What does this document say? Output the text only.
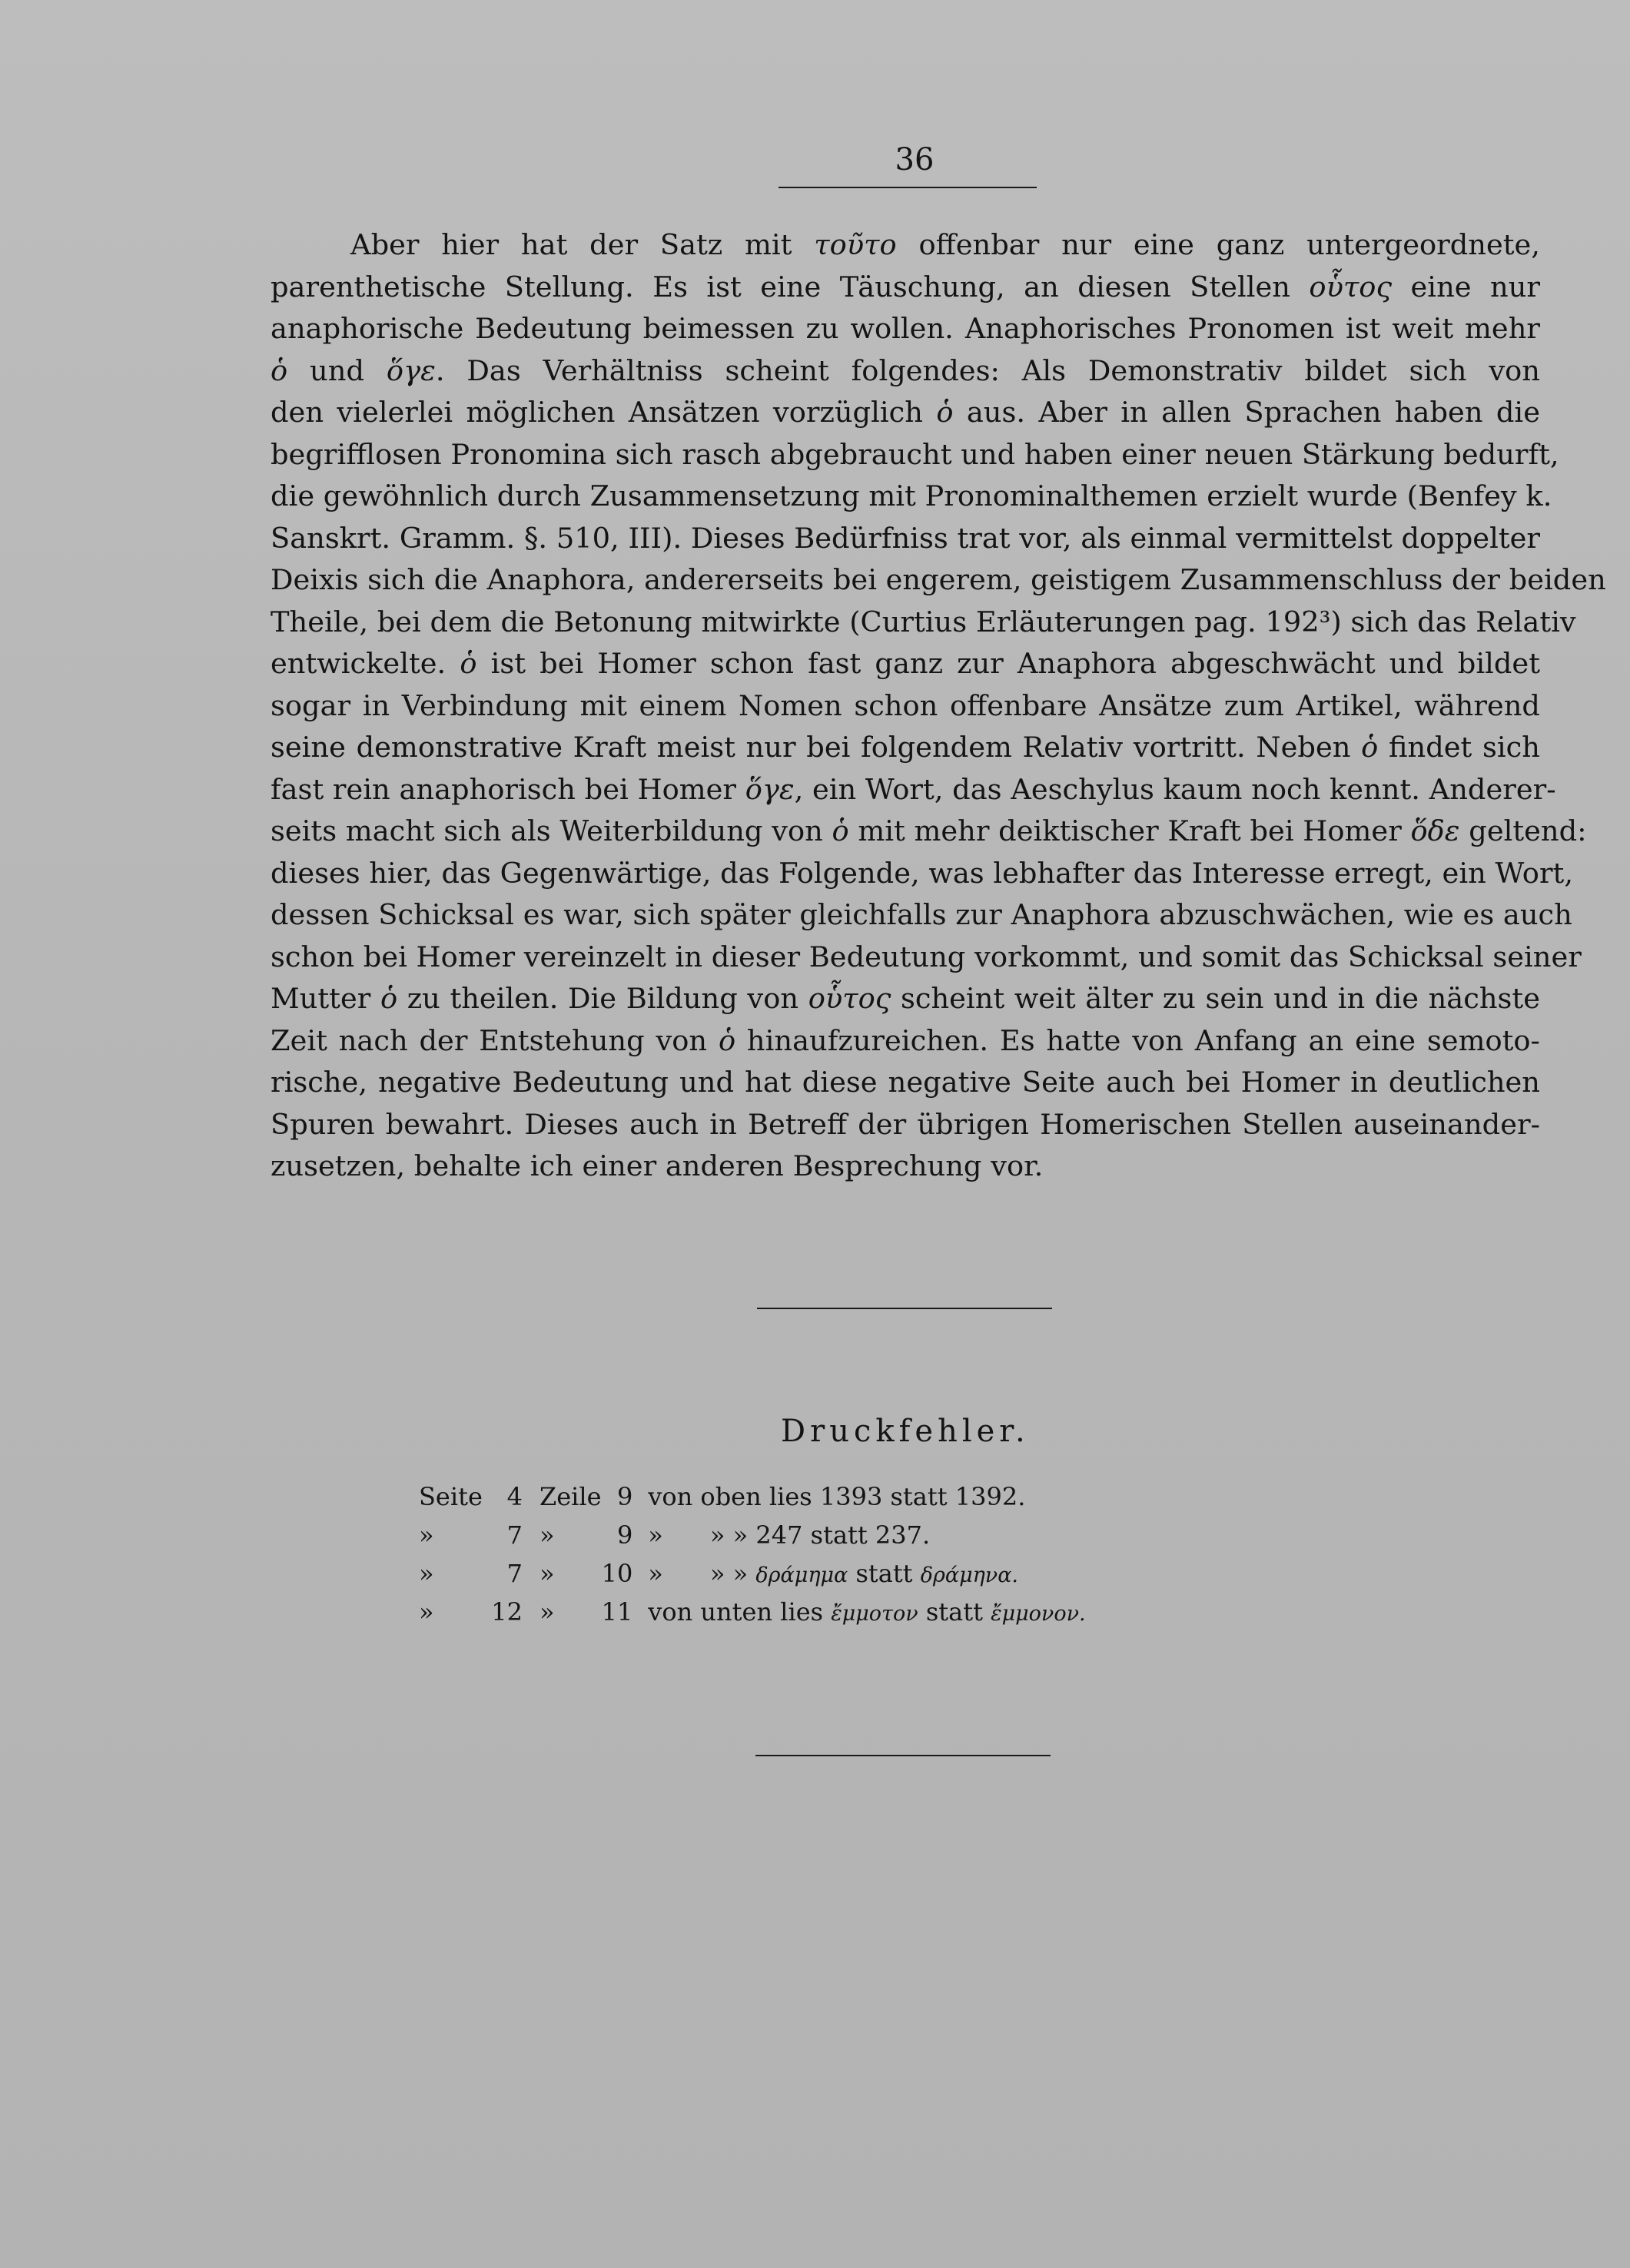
36
Aber hier hat der Satz mit τοῦτο offenbar nur eine ganz untergeordnete,
parenthetische Stellung. Es ist eine Täuschung, an diesen Stellen οὗτος eine nur
anaphorische Bedeutung beimessen zu wollen. Anaphorisches Pronomen ist weit mehr
ὁ und ὅγε. Das Verhältniss scheint folgendes: Als Demonstrativ bildet sich von
den vielerlei möglichen Ansätzen vorzüglich ὁ aus. Aber in allen Sprachen haben die
begrifflosen Pronomina sich rasch abgebraucht und haben einer neuen Stärkung bedurft,
die gewöhnlich durch Zusammensetzung mit Pronominalthemen erzielt wurde (Benfey k.
Sanskrt. Gramm. §. 510, III). Dieses Bedürfniss trat vor, als einmal vermittelst doppelter
Deixis sich die Anaphora, andererseits bei engerem, geistigem Zusammenschluss der beiden
Theile, bei dem die Betonung mitwirkte (Curtius Erläuterungen pag. 192³) sich das Relativ
entwickelte. ὁ ist bei Homer schon fast ganz zur Anaphora abgeschwächt und bildet
sogar in Verbindung mit einem Nomen schon offenbare Ansätze zum Artikel, während
seine demonstrative Kraft meist nur bei folgendem Relativ vortritt. Neben ὁ findet sich
fast rein anaphorisch bei Homer ὅγε, ein Wort, das Aeschylus kaum noch kennt. Anderer-
seits macht sich als Weiterbildung von ὁ mit mehr deiktischer Kraft bei Homer ὅδε geltend:
dieses hier, das Gegenwärtige, das Folgende, was lebhafter das Interesse erregt, ein Wort,
dessen Schicksal es war, sich später gleichfalls zur Anaphora abzuschwächen, wie es auch
schon bei Homer vereinzelt in dieser Bedeutung vorkommt, und somit das Schicksal seiner
Mutter ὁ zu theilen. Die Bildung von οὗτος scheint weit älter zu sein und in die nächste
Zeit nach der Entstehung von ὁ hinaufzureichen. Es hatte von Anfang an eine semoto-
rische, negative Bedeutung und hat diese negative Seite auch bei Homer in deutlichen
Spuren bewahrt. Dieses auch in Betreff der übrigen Homerischen Stellen auseinander-
zusetzen, behalte ich einer anderen Besprechung vor.
Druckfehler.
Seite	4	Zeile	9	von oben lies 1393 statt 1392.
»	7	»	9	»      » » 247 statt 237.
»	7	»	10	»      » » δράμημα statt δράμηνα.
»	12	»	11	von unten lies ἔμμοτον statt ἔμμονον.
